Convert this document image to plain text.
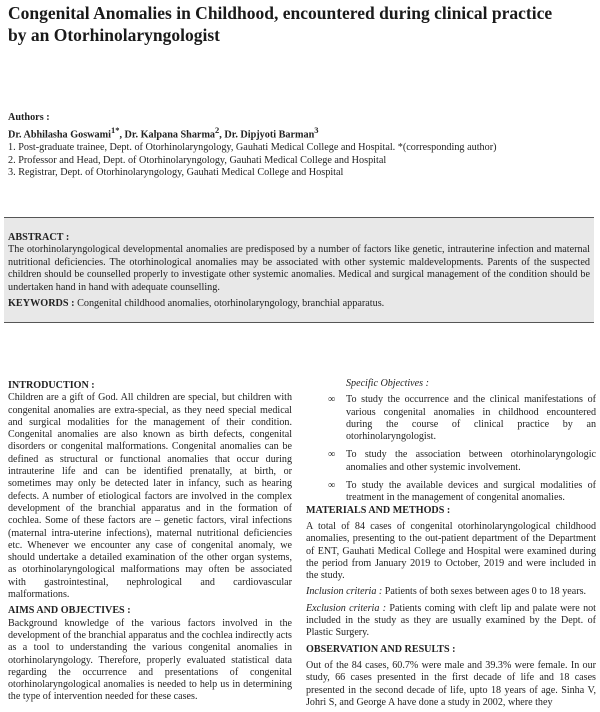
Congenital Anomalies in Childhood, encountered during clinical practice by an Otorhinolaryngologist
Authors :
Dr. Abhilasha Goswami$^{1*}$, Dr. Kalpana Sharma$^2$, Dr. Dipjyoti Barman$^3$
1. Post-graduate trainee, Dept. of Otorhinolaryngology, Gauhati Medical College and Hospital. *(corresponding author)
2. Professor and Head, Dept. of Otorhinolaryngology, Gauhati Medical College and Hospital
3. Registrar, Dept. of Otorhinolaryngology, Gauhati Medical College and Hospital
ABSTRACT :

The otorhinolaryngological developmental anomalies are predisposed by a number of factors like genetic, intrauterine infection and maternal nutritional deficiencies. The otorhinological anomalies may be associated with other systemic maldevelopments. Parents of the suspected children should be counselled properly to investigate other systemic anomalies. Medical and surgical management of the condition should be undertaken hand in hand with adequate counselling.

KEYWORDS : Congenital childhood anomalies, otorhinolaryngology, branchial apparatus.
INTRODUCTION :

Children are a gift of God. All children are special, but children with congenital anomalies are extra-special, as they need special medical and surgical modalities for the management of their condition. Congenital anomalies are also known as birth defects, congenital disorders or congenital malformations. Congenital anomalies can be defined as structural or functional anomalies that occur during intrauterine life and can be identified prenatally, at birth, or sometimes may only be detected later in infancy, such as hearing defects. A number of etiological factors are involved in the complex development of the branchial apparatus and in the formation of cochlea. Some of these factors are – genetic factors, viral infections (maternal intra-uterine infections), maternal nutritional deficiencies etc. Whenever we encounter any case of congenital anomaly, we should undertake a detailed examination of the other organ systems, as otorhinolaryngological malformations may often be associated with gastrointestinal, nephrological and cardiovascular malformations.

AIMS AND OBJECTIVES :

Background knowledge of the various factors involved in the development of the branchial apparatus and the cochlea indirectly acts as a tool to understanding the various congenital anomalies in otorhinolaryngology. Therefore, properly evaluated statistical data regarding the occurrence and presentations of congenital otorhinolaryngological anomalies is needed to help us in determining the type of intervention needed for these cases.

Specific Objectives :
∞ To study the occurrence and the clinical manifestations of various congenital anomalies in childhood encountered during the course of clinical practice by an otorhinolaryngologist.

∞ To study the association between otorhinolaryngologic anomalies and other systemic involvement.

∞ To study the available devices and surgical modalities of treatment in the management of congenital anomalies.

MATERIALS AND METHODS :

A total of 84 cases of congenital otorhinolaryngological childhood anomalies, presenting to the out-patient department of the Department of ENT, Gauhati Medical College and Hospital were examined during the period from January 2019 to October, 2019 and were included in the study.

Inclusion criteria : Patients of both sexes between ages 0 to 18 years.

Exclusion criteria : Patients coming with cleft lip and palate were not included in the study as they are usually examined by the Dept. of Plastic Surgery.

OBSERVATION AND RESULTS :

Out of the 84 cases, 60.7% were male and 39.3% were female. In our study, 66 cases presented in the first decade of life and 18 cases presented in the second decade of life, upto 18 years of age. Sinha V, Johri S, and George A have done a study in 2002, where they
